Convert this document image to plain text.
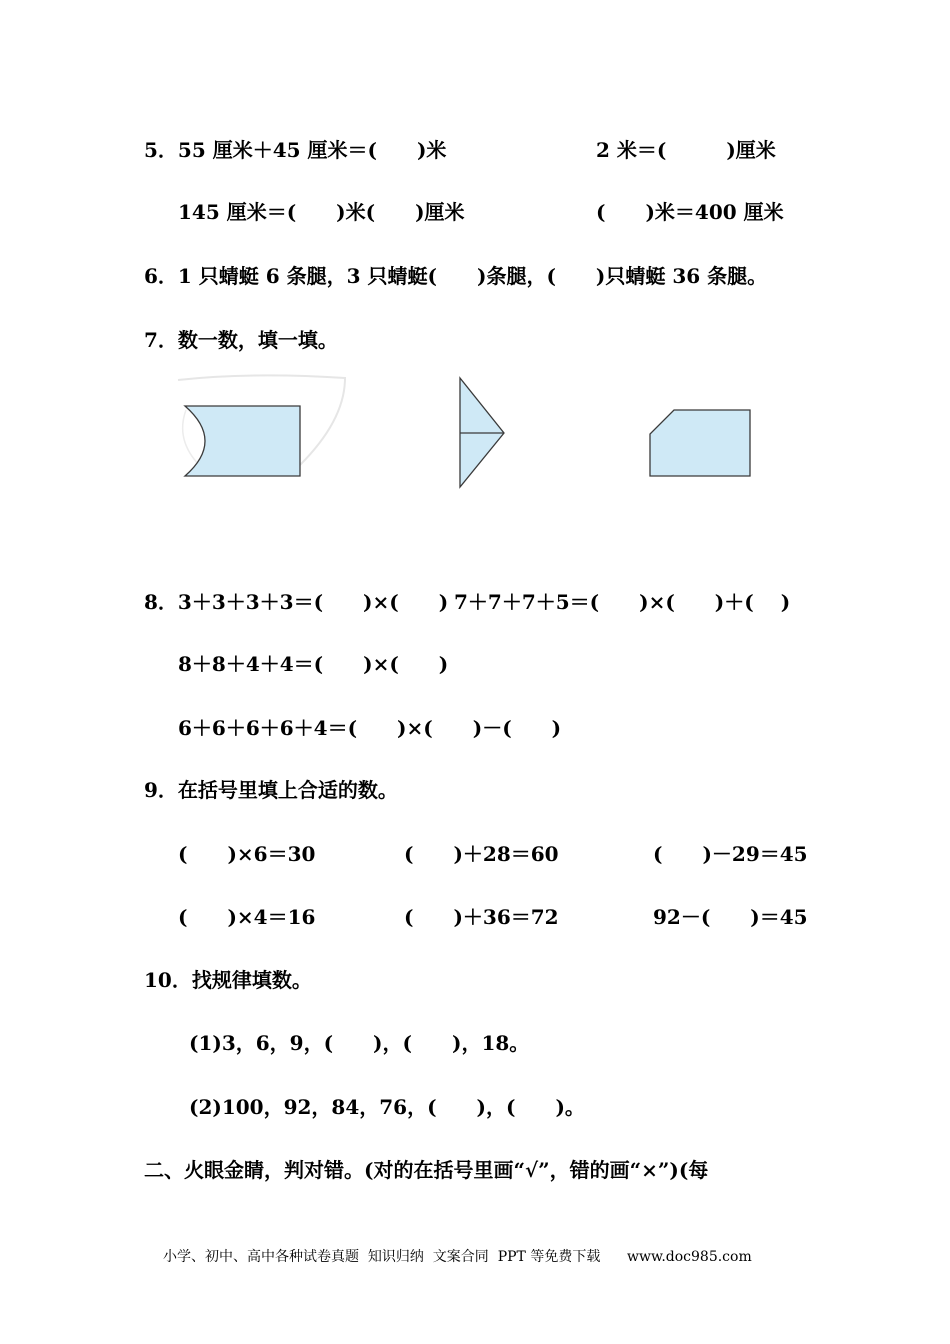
5．55 厘米＋45 厘米＝(　　)米	2 米＝(　　　)厘米
145 厘米＝(　　)米(　　)厘米	(　　)米＝400 厘米
6．1 只蜻蜓 6 条腿，3 只蜻蜓(　　)条腿，(　　)只蜻蜓 36 条腿。
7．数一数，填一填。
8．3＋3＋3＋3＝(　　)×(　　) 7＋7＋7＋5＝(　　)×(　　)＋(　 )
8＋8＋4＋4＝(　　)×(　　)
6＋6＋6＋6＋4＝(　　)×(　　)－(　　)
9．在括号里填上合适的数。
(　　)×6＝30	(　　)＋28＝60	(　　)－29＝45
(　　)×4＝16	(　　)＋36＝72	92－(　　)＝45
10．找规律填数。
(1)3，6，9，(　　)，(　　)，18。
(2)100，92，84，76，(　　)，(　　)。
二、火眼金睛，判对错。(对的在括号里画“√”，错的画“×”)(每
小学、初中、高中各种试卷真题  知识归纳  文案合同  PPT 等免费下载      www.doc985.com
